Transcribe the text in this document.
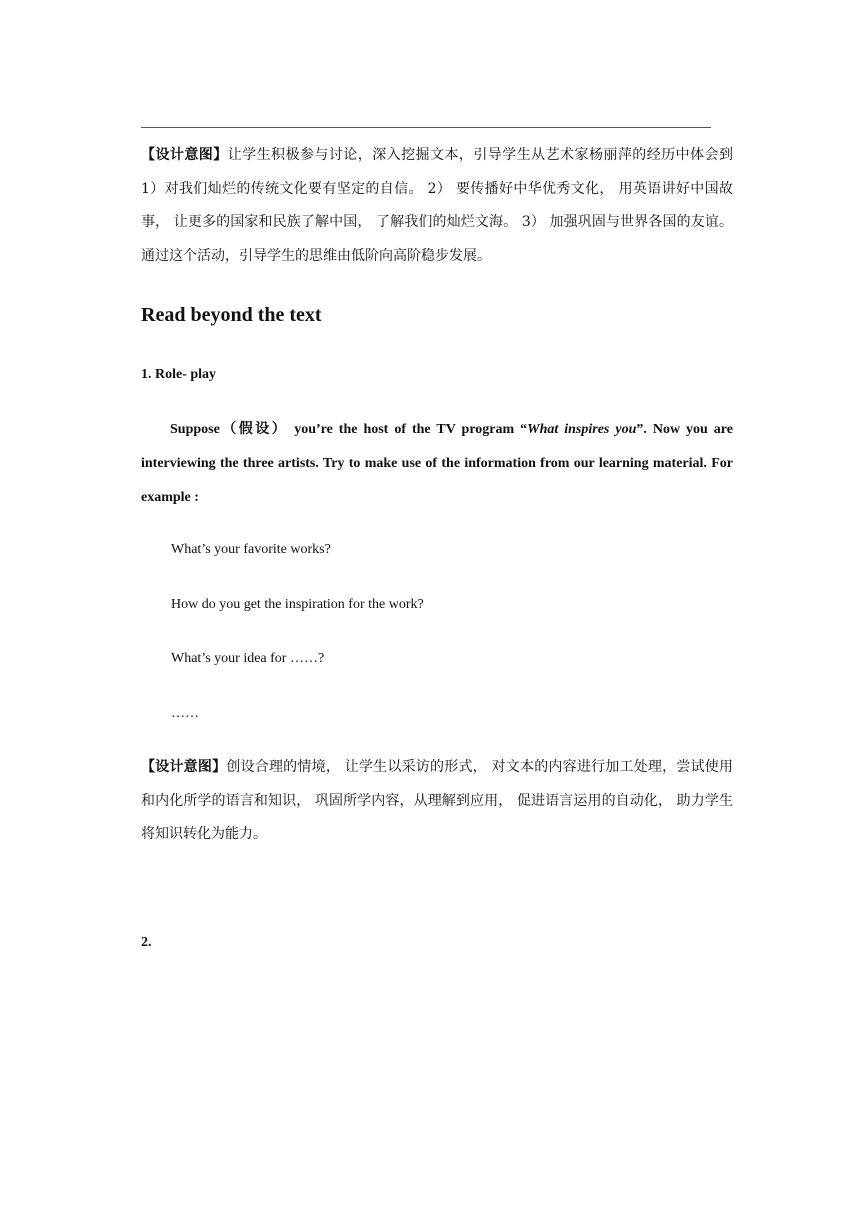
【设计意图】让学生积极参与讨论，深入挖掘文本，引导学生从艺术家杨丽萍的经历中体会到 1）对我们灿烂的传统文化要有坚定的自信。 2） 要传播好中华优秀文化， 用英语讲好中国故事， 让更多的国家和民族了解中国， 了解我们的灿烂文海。 3） 加强巩固与世界各国的友谊。 通过这个活动，引导学生的思维由低阶向高阶稳步发展。
Read beyond the text
1. Role- play
Suppose（假设） you’re the host of the TV program “What inspires you”. Now you are interviewing the three artists. Try to make use of the information from our learning material. For example :
What’s your favorite works?
How do you get the inspiration for the work?
What’s your idea for ……?
……
【设计意图】创设合理的情境， 让学生以采访的形式， 对文本的内容进行加工处理，尝试使用和内化所学的语言和知识， 巩固所学内容，从理解到应用， 促进语言运用的自动化， 助力学生将知识转化为能力。
2.
